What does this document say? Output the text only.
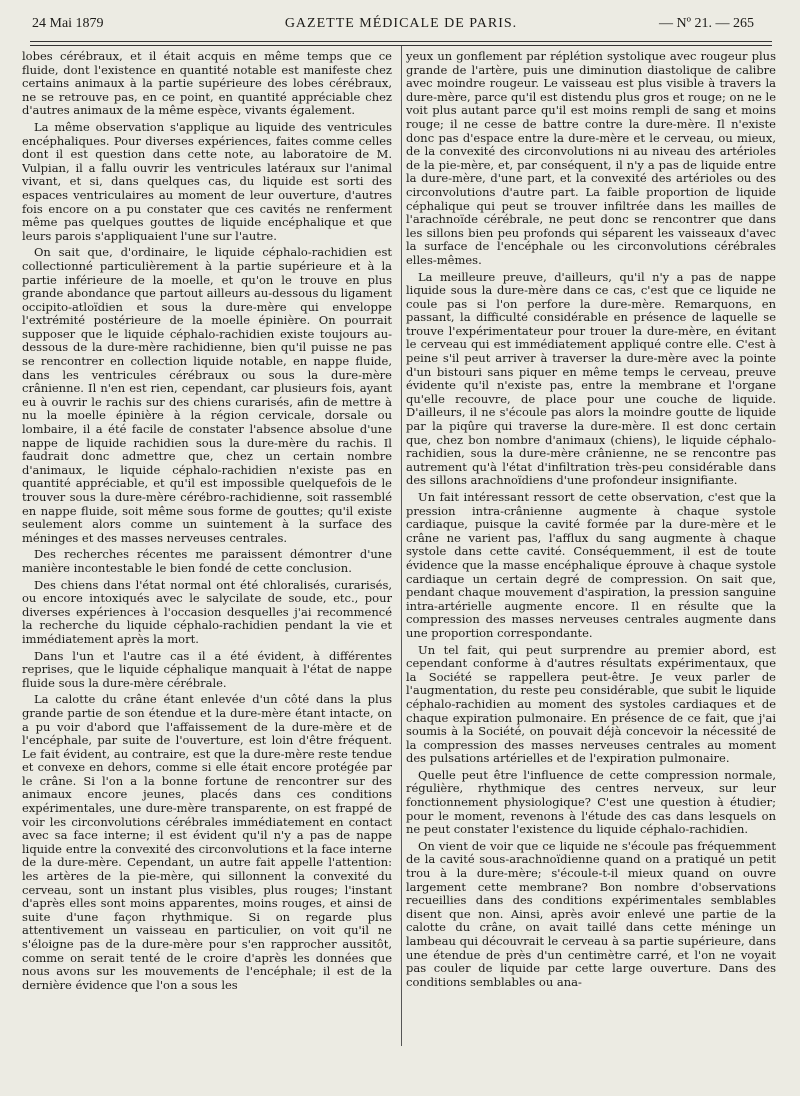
24 Mai 1879	GAZETTE MÉDICALE DE PARIS.	— Nº 21. — 265

lobes cérébraux, et il était acquis en même temps que ce fluide, dont l'existence en quantité notable est manifeste chez certains animaux à la partie supérieure des lobes cérébraux, ne se retrouve pas, en ce point, en quantité appréciable chez d'autres animaux de la même espèce, vivants également.

La même observation s'applique au liquide des ventricules encéphaliques. Pour diverses expériences, faites comme celles dont il est question dans cette note, au laboratoire de M. Vulpian, il a fallu ouvrir les ventricules latéraux sur l'animal vivant, et si, dans quelques cas, du liquide est sorti des espaces ventriculaires au moment de leur ouverture, d'autres fois encore on a pu constater que ces cavités ne renferment même pas quelques gouttes de liquide encéphalique et que leurs parois s'appliquaient l'une sur l'autre.

On sait que, d'ordinaire, le liquide céphalo-rachidien est collectionné particulièrement à la partie supérieure et à la partie inférieure de la moelle, et qu'on le trouve en plus grande abondance que partout ailleurs au-dessous du ligament occipito-atloïdien et sous la dure-mère qui enveloppe l'extrémité postérieure de la moelle épinière. On pourrait supposer que le liquide céphalo-rachidien existe toujours au-dessous de la dure-mère rachidienne, bien qu'il puisse ne pas se rencontrer en collection liquide notable, en nappe fluide, dans les ventricules cérébraux ou sous la dure-mère crânienne. Il n'en est rien, cependant, car plusieurs fois, ayant eu à ouvrir le rachis sur des chiens curarisés, afin de mettre à nu la moelle épinière à la région cervicale, dorsale ou lombaire, il a été facile de constater l'absence absolue d'une nappe de liquide rachidien sous la dure-mère du rachis. Il faudrait donc admettre que, chez un certain nombre d'animaux, le liquide céphalo-rachidien n'existe pas en quantité appréciable, et qu'il est impossible quelquefois de le trouver sous la dure-mère cérébro-rachidienne, soit rassemblé en nappe fluide, soit même sous forme de gouttes; qu'il existe seulement alors comme un suintement à la surface des méninges et des masses nerveuses centrales.

Des recherches récentes me paraissent démontrer d'une manière incontestable le bien fondé de cette conclusion.

Des chiens dans l'état normal ont été chloralisés, curarisés, ou encore intoxiqués avec le salycilate de soude, etc., pour diverses expériences à l'occasion desquelles j'ai recommencé la recherche du liquide céphalo-rachidien pendant la vie et immédiatement après la mort.

Dans l'un et l'autre cas il a été évident, à différentes reprises, que le liquide céphalique manquait à l'état de nappe fluide sous la dure-mère cérébrale.

La calotte du crâne étant enlevée d'un côté dans la plus grande partie de son étendue et la dure-mère étant intacte, on a pu voir d'abord que l'affaissement de la dure-mère et de l'encéphale, par suite de l'ouverture, est loin d'être fréquent. Le fait évident, au contraire, est que la dure-mère reste tendue et convexe en dehors, comme si elle était encore protégée par le crâne. Si l'on a la bonne fortune de rencontrer sur des animaux encore jeunes, placés dans ces conditions expérimentales, une dure-mère transparente, on est frappé de voir les circonvolutions cérébrales immédiatement en contact avec sa face interne; il est évident qu'il n'y a pas de nappe liquide entre la convexité des circonvolutions et la face interne de la dure-mère. Cependant, un autre fait appelle l'attention: les artères de la pie-mère, qui sillonnent la convexité du cerveau, sont un instant plus visibles, plus rouges; l'instant d'après elles sont moins apparentes, moins rouges, et ainsi de suite d'une façon rhythmique. Si on regarde plus attentivement un vaisseau en particulier, on voit qu'il ne s'éloigne pas de la dure-mère pour s'en rapprocher aussitôt, comme on serait tenté de le croire d'après les données que nous avons sur les mouvements de l'encéphale; il est de la dernière évidence que l'on a sous les

yeux un gonflement par réplétion systolique avec rougeur plus grande de l'artère, puis une diminution diastolique de calibre avec moindre rougeur. Le vaisseau est plus visible à travers la dure-mère, parce qu'il est distendu plus gros et rouge; on ne le voit plus autant parce qu'il est moins rempli de sang et moins rouge; il ne cesse de battre contre la dure-mère. Il n'existe donc pas d'espace entre la dure-mère et le cerveau, ou mieux, de la convexité des circonvolutions ni au niveau des artérioles de la pie-mère, et, par conséquent, il n'y a pas de liquide entre la dure-mère, d'une part, et la convexité des artérioles ou des circonvolutions d'autre part. La faible proportion de liquide céphalique qui peut se trouver infiltrée dans les mailles de l'arachnoïde cérébrale, ne peut donc se rencontrer que dans les sillons bien peu profonds qui séparent les vaisseaux d'avec la surface de l'encéphale ou les circonvolutions cérébrales elles-mêmes.

La meilleure preuve, d'ailleurs, qu'il n'y a pas de nappe liquide sous la dure-mère dans ce cas, c'est que ce liquide ne coule pas si l'on perfore la dure-mère. Remarquons, en passant, la difficulté considérable en présence de laquelle se trouve l'expérimentateur pour trouer la dure-mère, en évitant le cerveau qui est immédiatement appliqué contre elle. C'est à peine s'il peut arriver à traverser la dure-mère avec la pointe d'un bistouri sans piquer en même temps le cerveau, preuve évidente qu'il n'existe pas, entre la membrane et l'organe qu'elle recouvre, de place pour une couche de liquide. D'ailleurs, il ne s'écoule pas alors la moindre goutte de liquide par la piqûre qui traverse la dure-mère. Il est donc certain que, chez bon nombre d'animaux (chiens), le liquide céphalo-rachidien, sous la dure-mère crânienne, ne se rencontre pas autrement qu'à l'état d'infiltration très-peu considérable dans des sillons arachnoïdiens d'une profondeur insignifiante.

Un fait intéressant ressort de cette observation, c'est que la pression intra-crânienne augmente à chaque systole cardiaque, puisque la cavité formée par la dure-mère et le crâne ne varient pas, l'afflux du sang augmente à chaque systole dans cette cavité. Conséquemment, il est de toute évidence que la masse encéphalique éprouve à chaque systole cardiaque un certain degré de compression. On sait que, pendant chaque mouvement d'aspiration, la pression sanguine intra-artérielle augmente encore. Il en résulte que la compression des masses nerveuses centrales augmente dans une proportion correspondante.

Un tel fait, qui peut surprendre au premier abord, est cependant conforme à d'autres résultats expérimentaux, que la Société se rappellera peut-être. Je veux parler de l'augmentation, du reste peu considérable, que subit le liquide céphalo-rachidien au moment des systoles cardiaques et de chaque expiration pulmonaire. En présence de ce fait, que j'ai soumis à la Société, on pouvait déjà concevoir la nécessité de la compression des masses nerveuses centrales au moment des pulsations artérielles et de l'expiration pulmonaire.

Quelle peut être l'influence de cette compression normale, régulière, rhythmique des centres nerveux, sur leur fonctionnement physiologique? C'est une question à étudier; pour le moment, revenons à l'étude des cas dans lesquels on ne peut constater l'existence du liquide céphalo-rachidien.

On vient de voir que ce liquide ne s'écoule pas fréquemment de la cavité sous-arachnoïdienne quand on a pratiqué un petit trou à la dure-mère; s'écoule-t-il mieux quand on ouvre largement cette membrane? Bon nombre d'observations recueillies dans des conditions expérimentales semblables disent que non. Ainsi, après avoir enlevé une partie de la calotte du crâne, on avait taillé dans cette méninge un lambeau qui découvrait le cerveau à sa partie supérieure, dans une étendue de près d'un centimètre carré, et l'on ne voyait pas couler de liquide par cette large ouverture. Dans des conditions semblables ou ana-
